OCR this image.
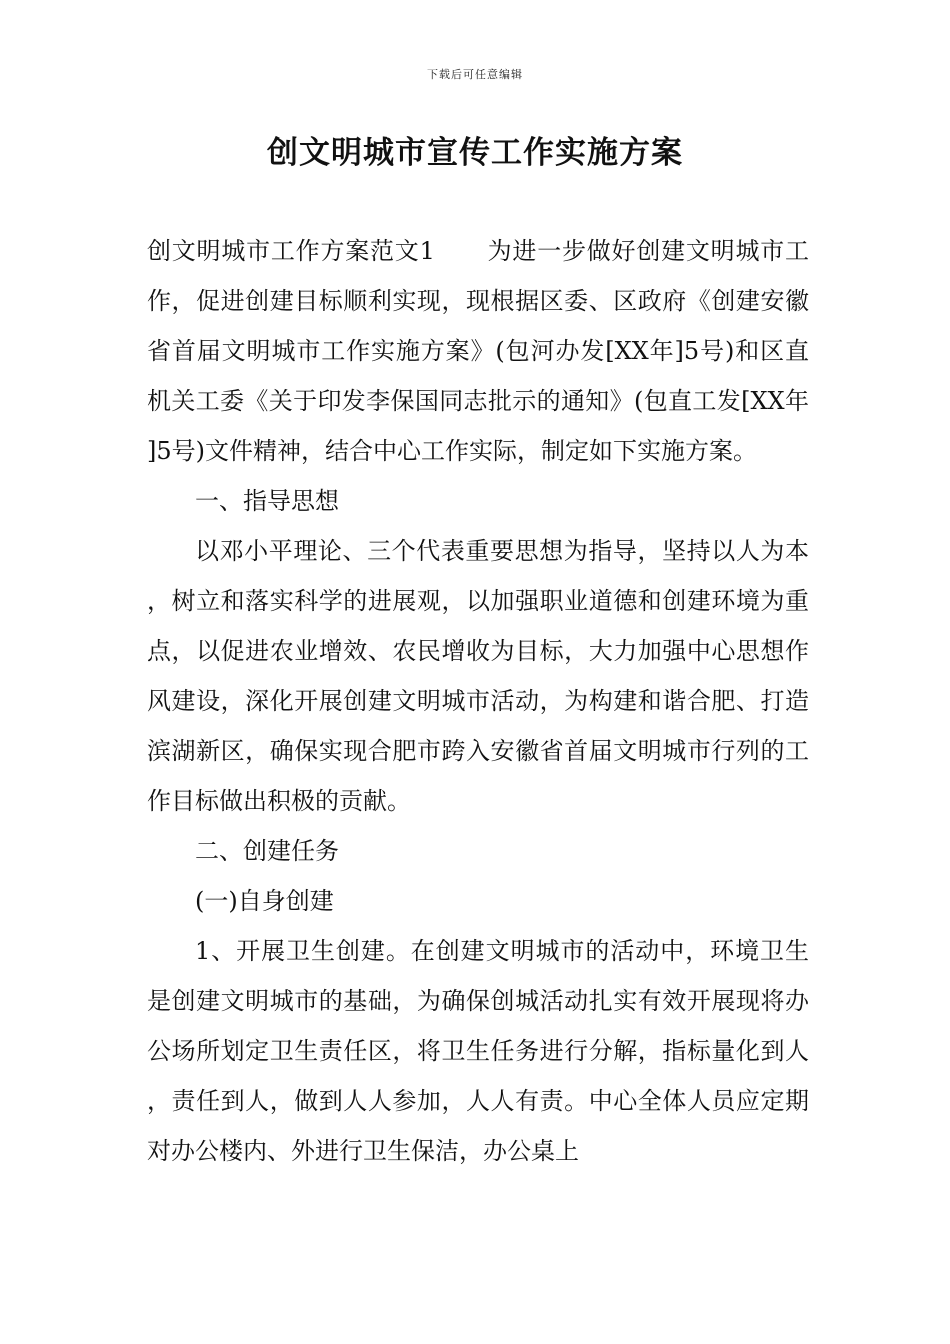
下载后可任意编辑
创文明城市宣传工作实施方案

创文明城市工作方案范文1 为进一步做好创建文明城市工作，促进创建目标顺利实现，现根据区委、区政府《创建安徽省首届文明城市工作实施方案》(包河办发[XX年]5号)和区直机关工委《关于印发李保国同志批示的通知》(包直工发[XX年]5号)文件精神，结合中心工作实际，制定如下实施方案。

一、指导思想

以邓小平理论、三个代表重要思想为指导，坚持以人为本，树立和落实科学的进展观，以加强职业道德和创建环境为重点，以促进农业增效、农民增收为目标，大力加强中心思想作风建设，深化开展创建文明城市活动，为构建和谐合肥、打造滨湖新区，确保实现合肥市跨入安徽省首届文明城市行列的工作目标做出积极的贡献。

二、创建任务

(一)自身创建

1、开展卫生创建。在创建文明城市的活动中，环境卫生是创建文明城市的基础，为确保创城活动扎实有效开展现将办公场所划定卫生责任区，将卫生任务进行分解，指标量化到人，责任到人，做到人人参加，人人有责。中心全体人员应定期对办公楼内、外进行卫生保洁，办公桌上
